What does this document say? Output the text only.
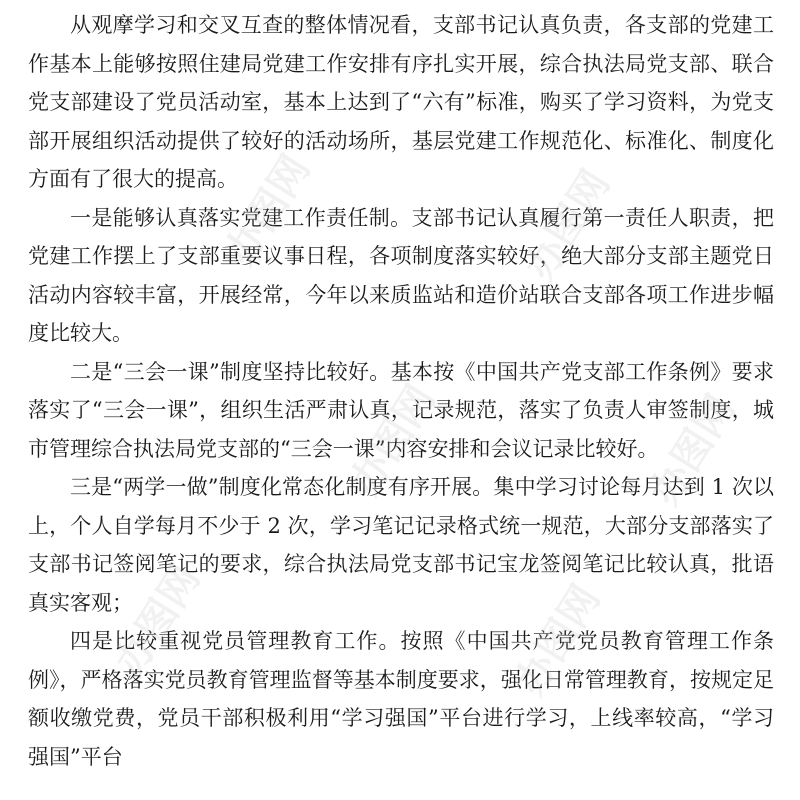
从观摩学习和交叉互查的整体情况看，支部书记认真负责，各支部的党建工作基本上能够按照住建局党建工作安排有序扎实开展，综合执法局党支部、联合党支部建设了党员活动室，基本上达到了“六有”标准，购买了学习资料，为党支部开展组织活动提供了较好的活动场所，基层党建工作规范化、标准化、制度化方面有了很大的提高。

一是能够认真落实党建工作责任制。支部书记认真履行第一责任人职责，把党建工作摆上了支部重要议事日程，各项制度落实较好，绝大部分支部主题党日活动内容较丰富，开展经常，今年以来质监站和造价站联合支部各项工作进步幅度比较大。

二是“三会一课”制度坚持比较好。基本按《中国共产党支部工作条例》要求落实了“三会一课”，组织生活严肃认真，记录规范，落实了负责人审签制度，城市管理综合执法局党支部的“三会一课”内容安排和会议记录比较好。

三是“两学一做”制度化常态化制度有序开展。集中学习讨论每月达到 1 次以上，个人自学每月不少于 2 次，学习笔记记录格式统一规范，大部分支部落实了支部书记签阅笔记的要求，综合执法局党支部书记宝龙签阅笔记比较认真，批语真实客观；

四是比较重视党员管理教育工作。按照《中国共产党党员教育管理工作条例》，严格落实党员教育管理监督等基本制度要求，强化日常管理教育，按规定足额收缴党费，党员干部积极利用“学习强国”平台进行学习，上线率较高，“学习强国”平台

办图网	办图网
办图网	办图网
办图网	办图网
